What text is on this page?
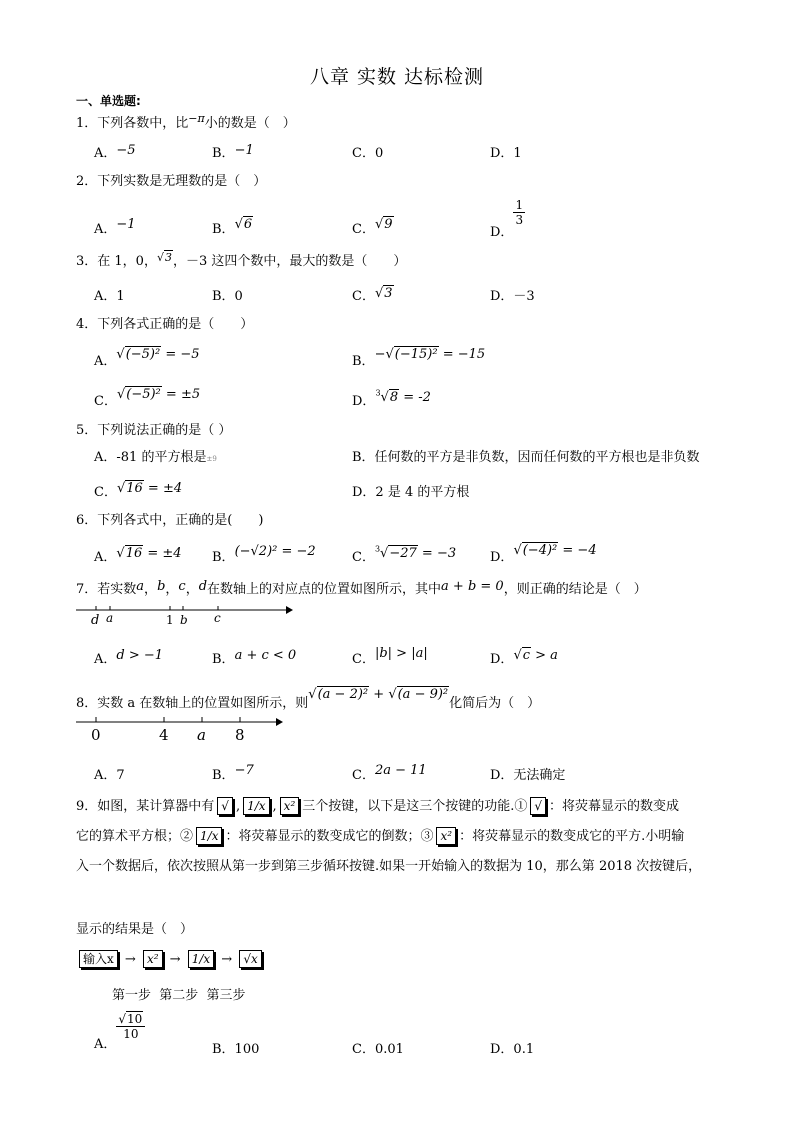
八章 实数 达标检测
一、单选题:
1．下列各数中，比$^{-\pi}$小的数是（　）
A．−5	B．−1	C．0	D．1
2．下列实数是无理数的是（　）
A．−1	B．√6	C．√9
D．
$\frac{1}{3}$
3．在 1，0，√3，－3 这四个数中，最大的数是（　　）
A．1	B．0	C．√3	D．－3
4．下列各式正确的是（　　）
A．√(−5)² = −5	B．−√(−15)² = −15
C．√(−5)² = ±5	D．$^3$√8 = -2
5．下列说法正确的是（ ）
A．-81 的平方根是±9	B．任何数的平方是非负数，因而任何数的平方根也是非负数
C．√16 = ±4	D．2 是 4 的平方根
6．下列各式中，正确的是(　　)
A．√16 = ±4 B．(−√2)² = −2	C．$^3$√−27 = −3	D．√(−4)² = −4
7．若实数a，b，c，d在数轴上的对应点的位置如图所示，其中a + b = 0，则正确的结论是（　）
d a	1 b c
A．d > −1	B．a + c < 0	C．|b| > |a|	D．√c > a
8．实数 a 在数轴上的位置如图所示，则√(a − 2)² + √(a − 9)²化简后为（　）
0	4 a 8
A．7	B．−7	C．2a − 11	D．无法确定
9．如图，某计算器中有 √ , 1/x , x² 三个按键，以下是这三个按键的功能.① √ ：将荧幕显示的数变成
它的算术平方根；② 1/x ：将荧幕显示的数变成它的倒数；③ x² ：将荧幕显示的数变成它的平方.小明输
入一个数据后，依次按照从第一步到第三步循环按键.如果一开始输入的数据为 10，那么第 2018 次按键后，
显示的结果是（　）
输入x → x² → 1/x → √x
第一步  第二步  第三步
A．
$\frac{√10}{10}$
B．100	C．0.01	D．0.1
